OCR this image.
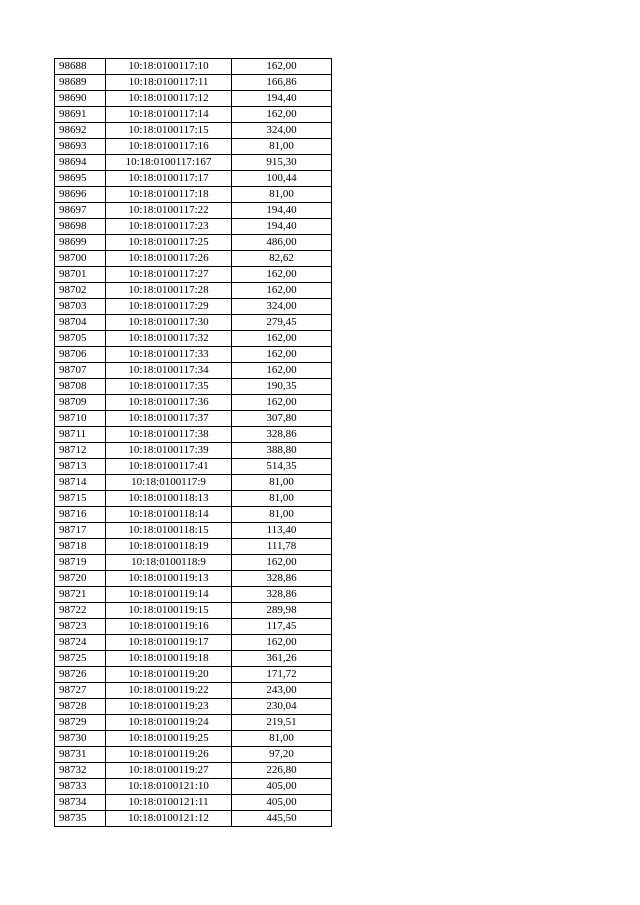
98688	10:18:0100117:10	162,00
98689	10:18:0100117:11	166,86
98690	10:18:0100117:12	194,40
98691	10:18:0100117:14	162,00
98692	10:18:0100117:15	324,00
98693	10:18:0100117:16	81,00
98694	10:18:0100117:167	915,30
98695	10:18:0100117:17	100,44
98696	10:18:0100117:18	81,00
98697	10:18:0100117:22	194,40
98698	10:18:0100117:23	194,40
98699	10:18:0100117:25	486,00
98700	10:18:0100117:26	82,62
98701	10:18:0100117:27	162,00
98702	10:18:0100117:28	162,00
98703	10:18:0100117:29	324,00
98704	10:18:0100117:30	279,45
98705	10:18:0100117:32	162,00
98706	10:18:0100117:33	162,00
98707	10:18:0100117:34	162,00
98708	10:18:0100117:35	190,35
98709	10:18:0100117:36	162,00
98710	10:18:0100117:37	307,80
98711	10:18:0100117:38	328,86
98712	10:18:0100117:39	388,80
98713	10:18:0100117:41	514,35
98714	10:18:0100117:9	81,00
98715	10:18:0100118:13	81,00
98716	10:18:0100118:14	81,00
98717	10:18:0100118:15	113,40
98718	10:18:0100118:19	111,78
98719	10:18:0100118:9	162,00
98720	10:18:0100119:13	328,86
98721	10:18:0100119:14	328,86
98722	10:18:0100119:15	289,98
98723	10:18:0100119:16	117,45
98724	10:18:0100119:17	162,00
98725	10:18:0100119:18	361,26
98726	10:18:0100119:20	171,72
98727	10:18:0100119:22	243,00
98728	10:18:0100119:23	230,04
98729	10:18:0100119:24	219,51
98730	10:18:0100119:25	81,00
98731	10:18:0100119:26	97,20
98732	10:18:0100119:27	226,80
98733	10:18:0100121:10	405,00
98734	10:18:0100121:11	405,00
98735	10:18:0100121:12	445,50
